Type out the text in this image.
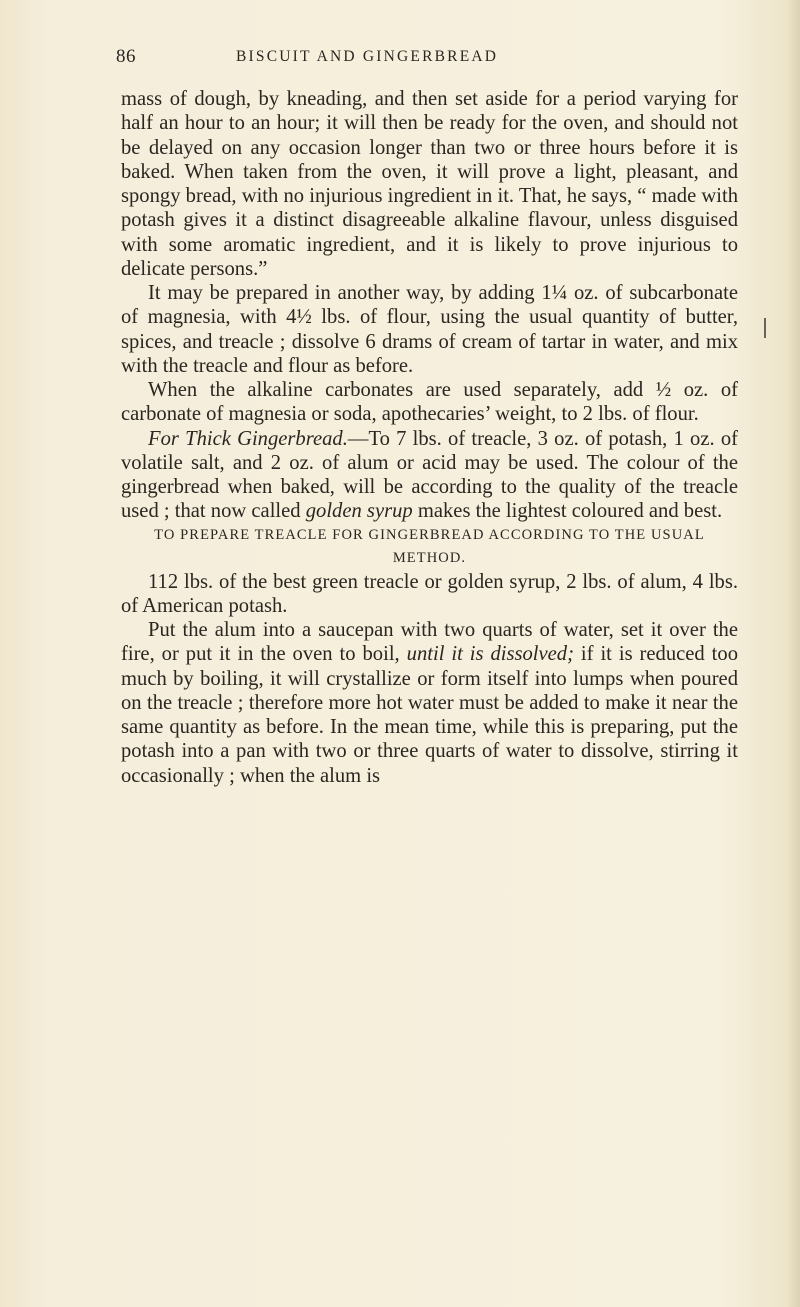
86	BISCUIT AND GINGERBREAD

mass of dough, by kneading, and then set aside for a period varying for half an hour to an hour; it will then be ready for the oven, and should not be delayed on any occasion longer than two or three hours before it is baked. When taken from the oven, it will prove a light, pleasant, and spongy bread, with no injurious ingredient in it. That, he says, “ made with potash gives it a distinct disagreeable alkaline flavour, unless disguised with some aromatic ingredient, and it is likely to prove injurious to delicate persons.”

It may be prepared in another way, by adding 1¼ oz. of subcarbonate of magnesia, with 4½ lbs. of flour, using the usual quantity of butter, spices, and treacle ; dissolve 6 drams of cream of tartar in water, and mix with the treacle and flour as before.

When the alkaline carbonates are used separately, add ½ oz. of carbonate of magnesia or soda, apothecaries’ weight, to 2 lbs. of flour.

For Thick Gingerbread.—To 7 lbs. of treacle, 3 oz. of potash, 1 oz. of volatile salt, and 2 oz. of alum or acid may be used. The colour of the gingerbread when baked, will be according to the quality of the treacle used ; that now called golden syrup makes the lightest coloured and best.

TO PREPARE TREACLE FOR GINGERBREAD ACCORDING TO THE USUAL METHOD.

112 lbs. of the best green treacle or golden syrup, 2 lbs. of alum, 4 lbs. of American potash.

Put the alum into a saucepan with two quarts of water, set it over the fire, or put it in the oven to boil, until it is dissolved; if it is reduced too much by boiling, it will crystallize or form itself into lumps when poured on the treacle ; therefore more hot water must be added to make it near the same quantity as before. In the mean time, while this is preparing, put the potash into a pan with two or three quarts of water to dissolve, stirring it occasionally ; when the alum is
